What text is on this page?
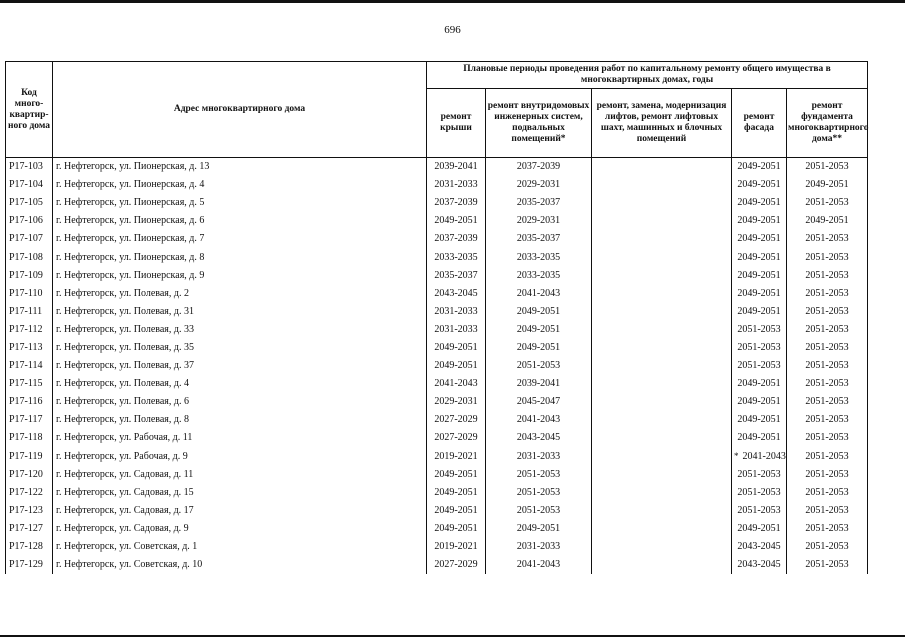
696
Код много-квартир-ного дома	Адрес многоквартирного дома	Плановые периоды проведения работ по капитальному ремонту общего имущества в многоквартирных домах, годы				
		ремонт крыши	ремонт внутридомовых инженерных систем, подвальных помещений*	ремонт, замена, модернизация лифтов, ремонт лифтовых шахт, машинных и блочных помещений	ремонт фасада	ремонт фундамента многоквартирного дома**
Р17-103	г. Нефтегорск, ул. Пионерская, д. 13	2039-2041	2037-2039		2049-2051	2051-2053
Р17-104	г. Нефтегорск, ул. Пионерская, д. 4	2031-2033	2029-2031		2049-2051	2049-2051
Р17-105	г. Нефтегорск, ул. Пионерская, д. 5	2037-2039	2035-2037		2049-2051	2051-2053
Р17-106	г. Нефтегорск, ул. Пионерская, д. 6	2049-2051	2029-2031		2049-2051	2049-2051
Р17-107	г. Нефтегорск, ул. Пионерская, д. 7	2037-2039	2035-2037		2049-2051	2051-2053
Р17-108	г. Нефтегорск, ул. Пионерская, д. 8	2033-2035	2033-2035		2049-2051	2051-2053
Р17-109	г. Нефтегорск, ул. Пионерская, д. 9	2035-2037	2033-2035		2049-2051	2051-2053
Р17-110	г. Нефтегорск, ул. Полевая, д. 2	2043-2045	2041-2043		2049-2051	2051-2053
Р17-111	г. Нефтегорск, ул. Полевая, д. 31	2031-2033	2049-2051		2049-2051	2051-2053
Р17-112	г. Нефтегорск, ул. Полевая, д. 33	2031-2033	2049-2051		2051-2053	2051-2053
Р17-113	г. Нефтегорск, ул. Полевая, д. 35	2049-2051	2049-2051		2051-2053	2051-2053
Р17-114	г. Нефтегорск, ул. Полевая, д. 37	2049-2051	2051-2053		2051-2053	2051-2053
Р17-115	г. Нефтегорск, ул. Полевая, д. 4	2041-2043	2039-2041		2049-2051	2051-2053
Р17-116	г. Нефтегорск, ул. Полевая, д. 6	2029-2031	2045-2047		2049-2051	2051-2053
Р17-117	г. Нефтегорск, ул. Полевая, д. 8	2027-2029	2041-2043		2049-2051	2051-2053
Р17-118	г. Нефтегорск, ул. Рабочая, д. 11	2027-2029	2043-2045		2049-2051	2051-2053
Р17-119	г. Нефтегорск, ул. Рабочая, д. 9	2019-2021	2031-2033		* 2041-2043	2051-2053
Р17-120	г. Нефтегорск, ул. Садовая, д. 11	2049-2051	2051-2053		2051-2053	2051-2053
Р17-122	г. Нефтегорск, ул. Садовая, д. 15	2049-2051	2051-2053		2051-2053	2051-2053
Р17-123	г. Нефтегорск, ул. Садовая, д. 17	2049-2051	2051-2053		2051-2053	2051-2053
Р17-127	г. Нефтегорск, ул. Садовая, д. 9	2049-2051	2049-2051		2049-2051	2051-2053
Р17-128	г. Нефтегорск, ул. Советская, д. 1	2019-2021	2031-2033		2043-2045	2051-2053
Р17-129	г. Нефтегорск, ул. Советская, д. 10	2027-2029	2041-2043		2043-2045	2051-2053
